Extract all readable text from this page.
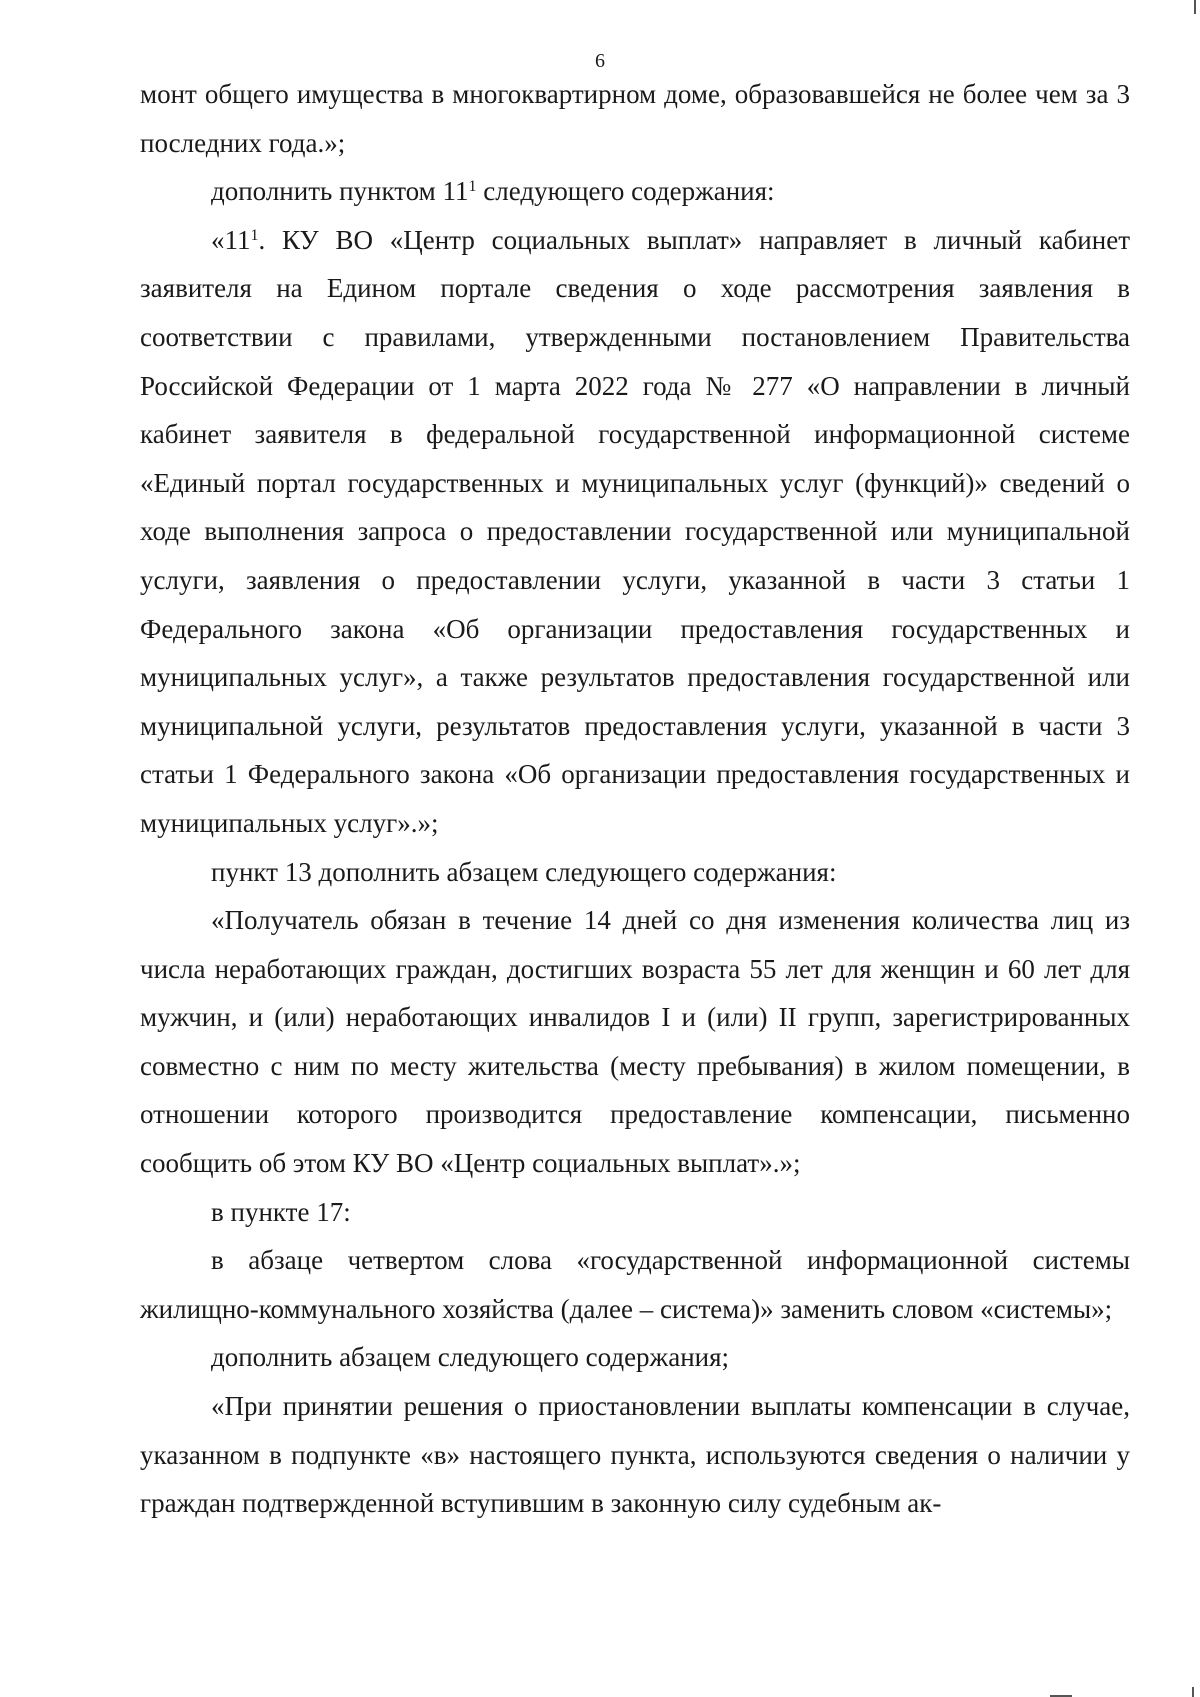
6

монт общего имущества в многоквартирном доме, образовавшейся не более чем за 3 последних года.»;

дополнить пунктом $11^1$ следующего содержания:

«$11^1$. КУ ВО «Центр социальных выплат» направляет в личный кабинет заявителя на Едином портале сведения о ходе рассмотрения заявления в соответствии с правилами, утвержденными постановлением Правительства Российской Федерации от 1 марта 2022 года № 277 «О направлении в личный кабинет заявителя в федеральной государственной информационной системе «Единый портал государственных и муниципальных услуг (функций)» сведений о ходе выполнения запроса о предоставлении государственной или муниципальной услуги, заявления о предоставлении услуги, указанной в части 3 статьи 1 Федерального закона «Об организации предоставления государственных и муниципальных услуг», а также результатов предоставления государственной или муниципальной услуги, результатов предоставления услуги, указанной в части 3 статьи 1 Федерального закона «Об организации предоставления государственных и муниципальных услуг».»;

пункт 13 дополнить абзацем следующего содержания:

«Получатель обязан в течение 14 дней со дня изменения количества лиц из числа неработающих граждан, достигших возраста 55 лет для женщин и 60 лет для мужчин, и (или) неработающих инвалидов I и (или) II групп, зарегистрированных совместно с ним по месту жительства (месту пребывания) в жилом помещении, в отношении которого производится предоставление компенсации, письменно сообщить об этом КУ ВО «Центр социальных выплат».»;

в пункте 17:

в абзаце четвертом слова «государственной информационной системы жилищно-коммунального хозяйства (далее – система)» заменить словом «системы»;

дополнить абзацем следующего содержания;

«При принятии решения о приостановлении выплаты компенсации в случае, указанном в подпункте «в» настоящего пункта, используются сведения о наличии у граждан подтвержденной вступившим в законную силу судебным ак-
